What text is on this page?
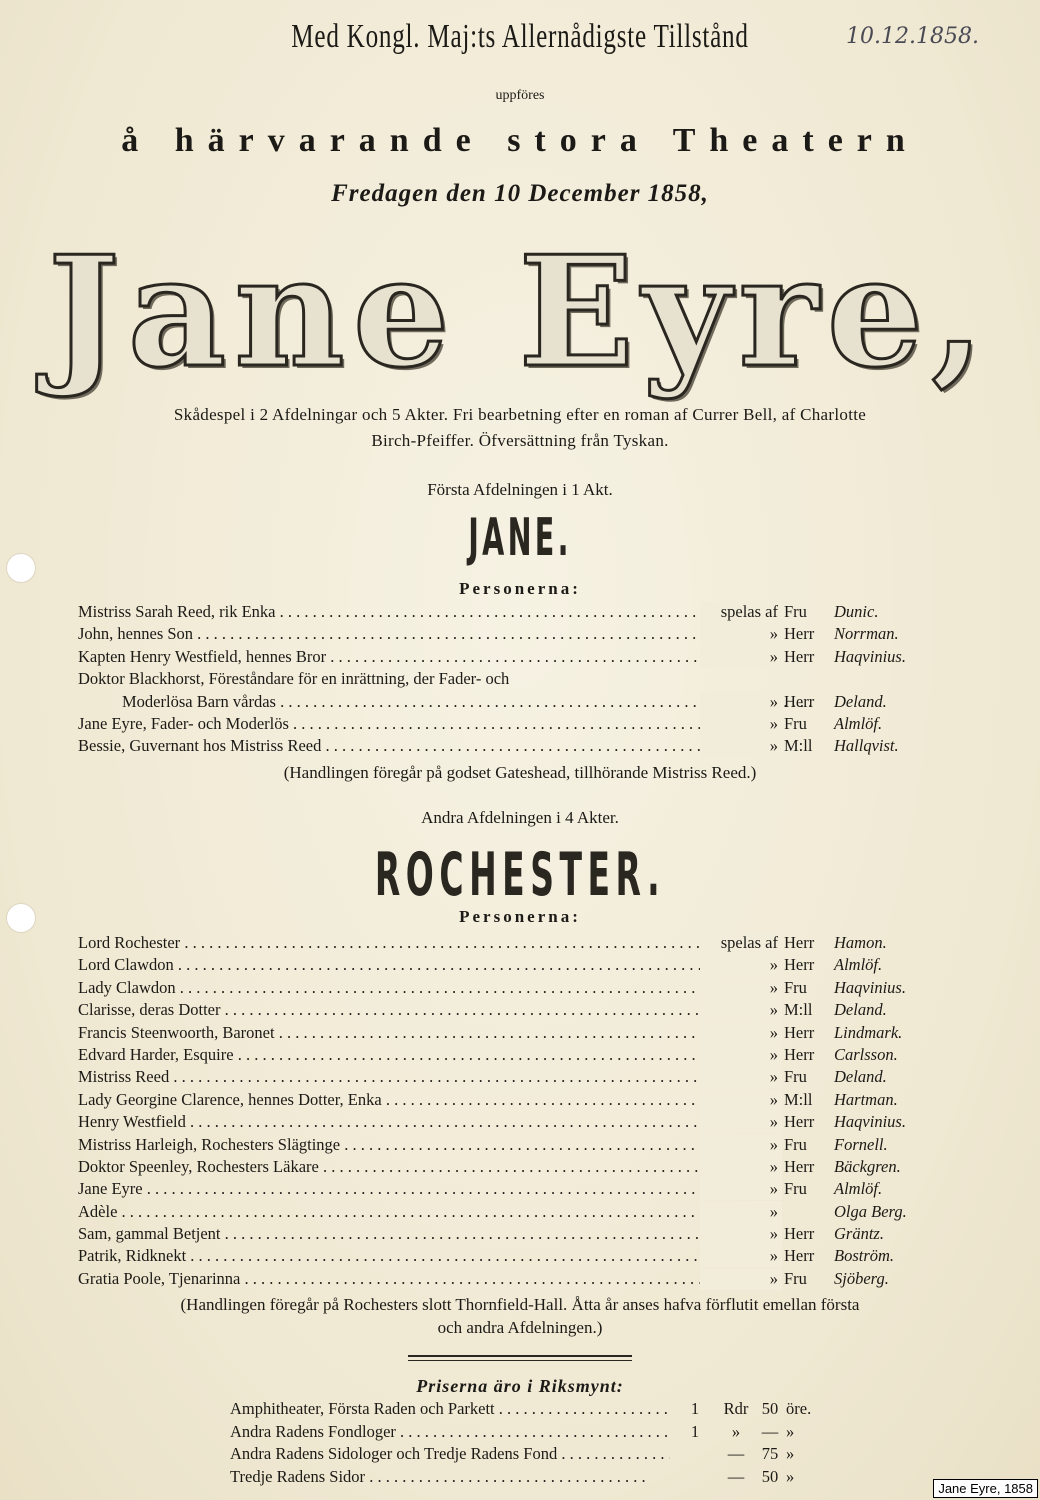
Med Kongl. Maj:ts Allernådigste Tillstånd	10.12.1858.
uppföres
å härvarande stora Theatern
Fredagen den 10 December 1858,
Jane Eyre,
Skådespel i 2 Afdelningar och 5 Akter. Fri bearbetning efter en roman af Currer Bell, af Charlotte
Birch-Pfeiffer. Öfversättning från Tyskan.
Första Afdelningen i 1 Akt.
JANE.
Personerna:
Mistriss Sarah Reed, rik Enka . . .	spelas af Fru Dunic.
John, hennes Son . . .	» Herr Norrman.
Kapten Henry Westfield, hennes Bror . . .	» Herr Haqvinius.
Doktor Blackhorst, Föreståndare för en inrättning, der Fader- och
Moderlösa Barn vårdas . . .	» Herr Deland.
Jane Eyre, Fader- och Moderlös . . .	» Fru Almlöf.
Bessie, Guvernant hos Mistriss Reed . . .	» M:ll Hallqvist.
(Handlingen föregår på godset Gateshead, tillhörande Mistriss Reed.)
Andra Afdelningen i 4 Akter.
ROCHESTER.
Personerna:
Lord Rochester . . .	spelas af Herr Hamon.
Lord Clawdon . . .	» Herr Almlöf.
Lady Clawdon . . .	» Fru Haqvinius.
Clarisse, deras Dotter . . .	» M:ll Deland.
Francis Steenwoorth, Baronet . . .	» Herr Lindmark.
Edvard Harder, Esquire . . .	» Herr Carlsson.
Mistriss Reed . . .	» Fru Deland.
Lady Georgine Clarence, hennes Dotter, Enka . . .	» M:ll Hartman.
Henry Westfield . . .	» Herr Haqvinius.
Mistriss Harleigh, Rochesters Slägtinge . . .	» Fru Fornell.
Doktor Speenley, Rochesters Läkare . . .	» Herr Bäckgren.
Jane Eyre . . .	» Fru Almlöf.
Adèle . . .	»	Olga Berg.
Sam, gammal Betjent . . .	» Herr Gräntz.
Patrik, Ridknekt . . .	» Herr Boström.
Gratia Poole, Tjenarinna . . .	» Fru Sjöberg.
(Handlingen föregår på Rochesters slott Thornfield-Hall. Åtta år anses hafva förflutit emellan första
och andra Afdelningen.)
Priserna äro i Riksmynt:
Amphitheater, Första Raden och Parkett . . .	1	Rdr 50 öre.
Andra Radens Fondloger . . .	1	»	— »
Andra Radens Sidologer och Tredje Radens Fond . . .	—	75 »
Tredje Radens Sidor . . .	—	50 »
Jane Eyre, 1858
